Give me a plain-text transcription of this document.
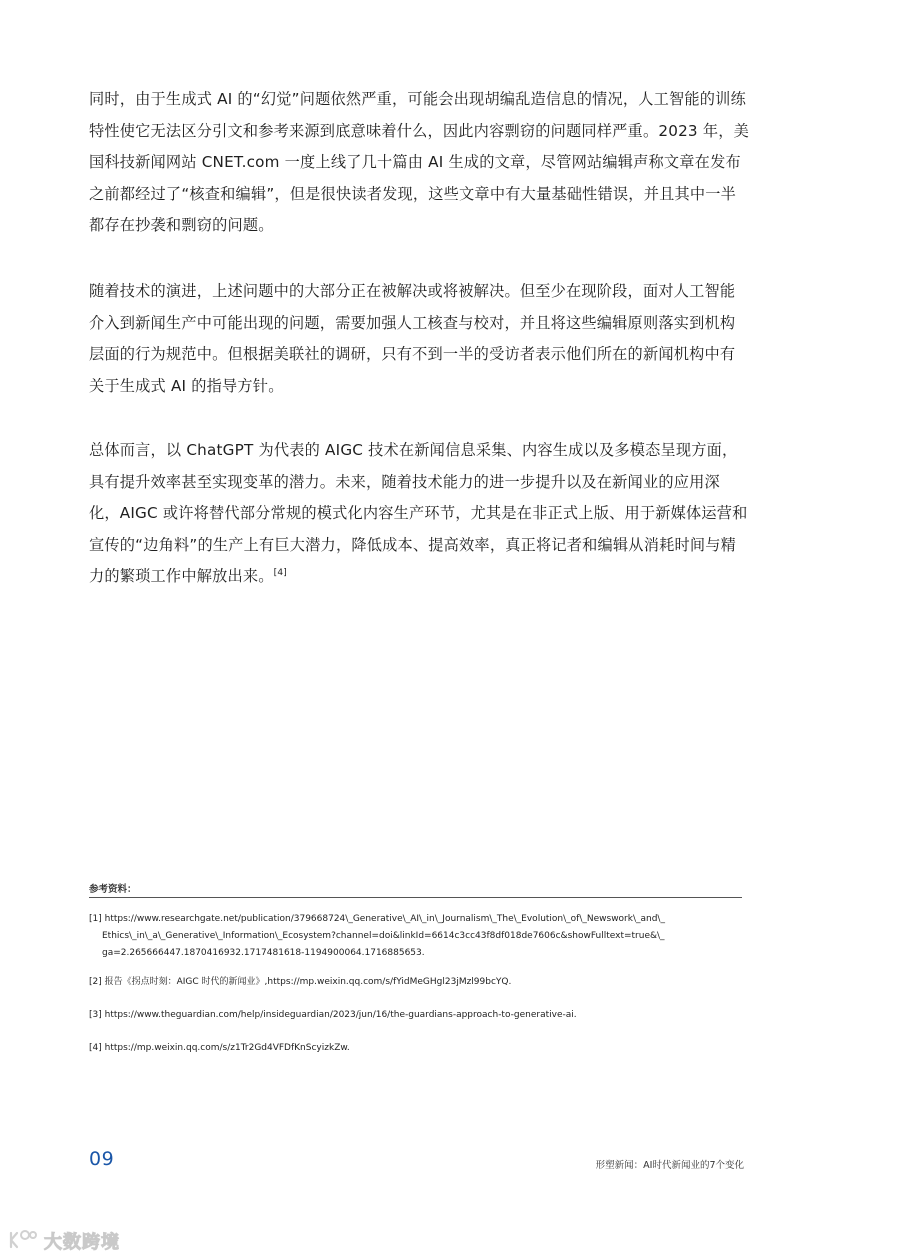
同时，由于生成式 AI 的“幻觉”问题依然严重，可能会出现胡编乱造信息的情况，人工智能的训练特性使它无法区分引文和参考来源到底意味着什么，因此内容剽窃的问题同样严重。2023 年，美国科技新闻网站 CNET.com 一度上线了几十篇由 AI 生成的文章，尽管网站编辑声称文章在发布之前都经过了“核查和编辑”，但是很快读者发现，这些文章中有大量基础性错误，并且其中一半都存在抄袭和剽窃的问题。

随着技术的演进，上述问题中的大部分正在被解决或将被解决。但至少在现阶段，面对人工智能介入到新闻生产中可能出现的问题，需要加强人工核查与校对，并且将这些编辑原则落实到机构层面的行为规范中。但根据美联社的调研，只有不到一半的受访者表示他们所在的新闻机构中有关于生成式 AI 的指导方针。

总体而言，以 ChatGPT 为代表的 AIGC 技术在新闻信息采集、内容生成以及多模态呈现方面，具有提升效率甚至实现变革的潜力。未来，随着技术能力的进一步提升以及在新闻业的应用深化，AIGC 或许将替代部分常规的模式化内容生产环节，尤其是在非正式上版、用于新媒体运营和宣传的“边角料”的生产上有巨大潜力，降低成本、提高效率，真正将记者和编辑从消耗时间与精力的繁琐工作中解放出来。[4]

参考资料：

[1] https://www.researchgate.net/publication/379668724\_Generative\_AI\_in\_Journalism\_The\_Evolution\_of\_Newswork\_and\_Ethics\_in\_a\_Generative\_Information\_Ecosystem?channel=doi&linkId=6614c3cc43f8df018de7606c&showFulltext=true&\_ga=2.265666447.1870416932.1717481618-1194900064.1716885653.

[2] 报告《拐点时刻：AIGC 时代的新闻业》,https://mp.weixin.qq.com/s/fYidMeGHgl23jMzl99bcYQ.

[3] https://www.theguardian.com/help/insideguardian/2023/jun/16/the-guardians-approach-to-generative-ai.

[4] https://mp.weixin.qq.com/s/z1Tr2Gd4VFDfKnScyizkZw.

09	形塑新闻：AI时代新闻业的7个变化

大数跨境
